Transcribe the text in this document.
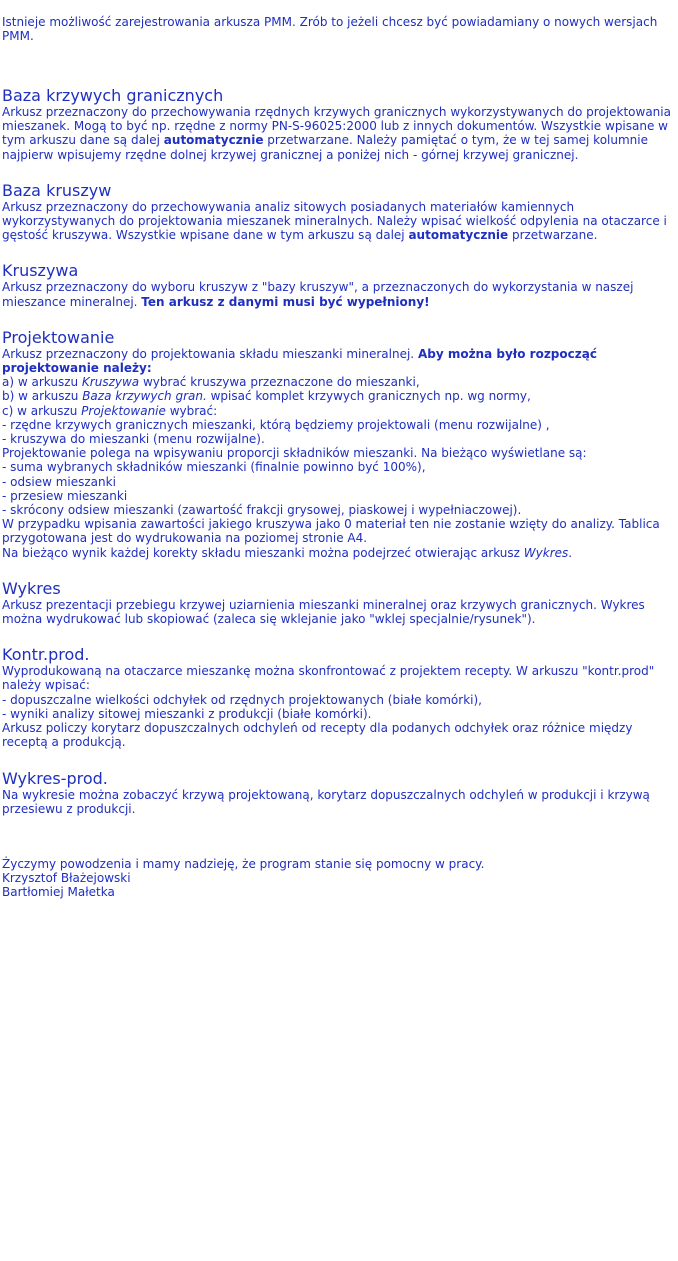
Istnieje możliwość zarejestrowania arkusza PMM. Zrób to jeżeli chcesz być powiadamiany o nowych wersjach PMM.

Baza krzywych granicznych

Arkusz przeznaczony do przechowywania rzędnych krzywych granicznych wykorzystywanych do projektowania mieszanek. Mogą to być np. rzędne z normy PN-S-96025:2000 lub z innych dokumentów. Wszystkie wpisane w tym arkuszu dane są dalej automatycznie przetwarzane. Należy pamiętać o tym, że w tej samej kolumnie najpierw wpisujemy rzędne dolnej krzywej granicznej a poniżej nich - górnej krzywej granicznej.

Baza kruszyw

Arkusz przeznaczony do przechowywania analiz sitowych posiadanych materiałów kamiennych wykorzystywanych do projektowania mieszanek mineralnych. Należy wpisać wielkość odpylenia na otaczarce i gęstość kruszywa. Wszystkie wpisane dane w tym arkuszu są dalej automatycznie przetwarzane.

Kruszywa

Arkusz przeznaczony do wyboru kruszyw z "bazy kruszyw", a przeznaczonych do wykorzystania w naszej mieszance mineralnej. Ten arkusz z danymi musi być wypełniony!

Projektowanie

Arkusz przeznaczony do projektowania składu mieszanki mineralnej. Aby można było rozpocząć projektowanie należy:

a) w arkuszu Kruszywa wybrać kruszywa przeznaczone do mieszanki,

b) w arkuszu Baza krzywych gran. wpisać komplet krzywych granicznych np. wg normy,

c) w arkuszu Projektowanie wybrać:

- rzędne krzywych granicznych mieszanki, którą będziemy projektowali (menu rozwijalne) ,

- kruszywa do mieszanki (menu rozwijalne).

Projektowanie polega na wpisywaniu proporcji składników mieszanki. Na bieżąco wyświetlane są:

- suma wybranych składników mieszanki (finalnie powinno być 100%),

- odsiew mieszanki

- przesiew mieszanki

- skrócony odsiew mieszanki (zawartość frakcji grysowej, piaskowej i wypełniaczowej).

W przypadku wpisania zawartości jakiego kruszywa jako 0 materiał ten nie zostanie wzięty do analizy. Tablica przygotowana jest do wydrukowania na poziomej stronie A4.

Na bieżąco wynik każdej korekty składu mieszanki można podejrzeć otwierając arkusz Wykres.

Wykres

Arkusz prezentacji przebiegu krzywej uziarnienia mieszanki mineralnej oraz krzywych granicznych. Wykres można wydrukować lub skopiować (zaleca się wklejanie jako "wklej specjalnie/rysunek").

Kontr.prod.

Wyprodukowaną na otaczarce mieszankę można skonfrontować z projektem recepty. W arkuszu "kontr.prod" należy wpisać:

- dopuszczalne wielkości odchyłek od rzędnych projektowanych (białe komórki),

- wyniki analizy sitowej mieszanki z produkcji (białe komórki).

Arkusz policzy korytarz dopuszczalnych odchyleń od recepty dla podanych odchyłek oraz różnice między receptą a produkcją.

Wykres-prod.

Na wykresie można zobaczyć krzywą projektowaną, korytarz dopuszczalnych odchyleń w produkcji i krzywą przesiewu z produkcji.

Życzymy powodzenia i mamy nadzieję, że program stanie się pomocny w pracy.

Krzysztof Błażejowski

Bartłomiej Małetka
